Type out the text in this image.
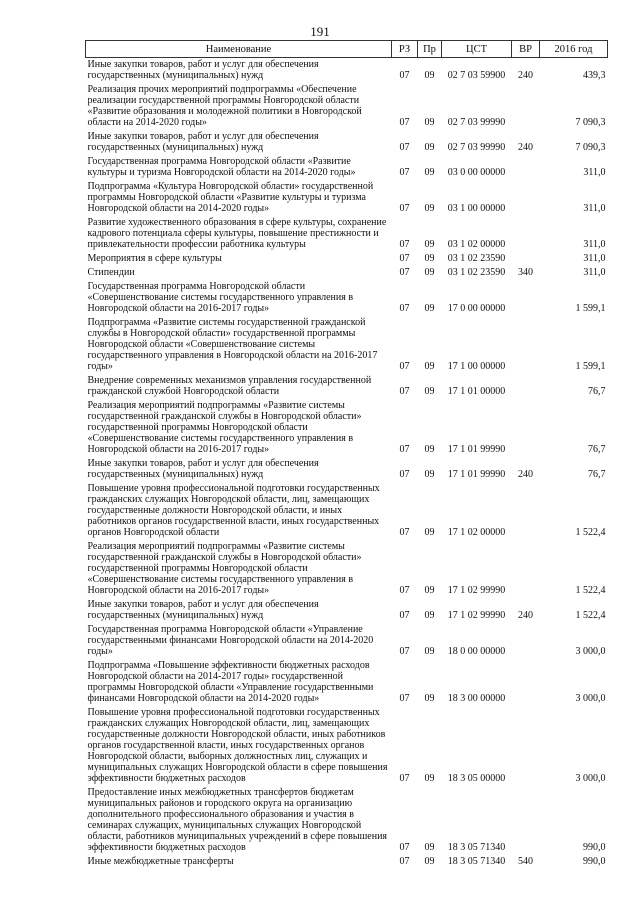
191
Наименование	РЗ	Пр	ЦСТ	ВР	2016 год
Иные закупки товаров, работ и услуг для обеспечения государственных (муниципальных) нужд	07	09	02 7 03 59900	240	439,3
Реализация прочих мероприятий подпрограммы «Обеспечение реализации государственной программы Новгородской области «Развитие образования и молодежной политики в Новгородской области на 2014-2020 годы»	07	09	02 7 03 99990		7 090,3
Иные закупки товаров, работ и услуг для обеспечения государственных (муниципальных) нужд	07	09	02 7 03 99990	240	7 090,3
Государственная программа Новгородской области «Развитие культуры и туризма Новгородской области на 2014-2020 годы»	07	09	03 0 00 00000		311,0
Подпрограмма «Культура Новгородской области» государственной программы Новгородской области «Развитие культуры и туризма Новгородской области на 2014-2020 годы»	07	09	03 1 00 00000		311,0
Развитие художественного образования в сфере культуры, сохранение кадрового потенциала сферы культуры, повышение престижности и привлекательности профессии работника культуры	07	09	03 1 02 00000		311,0
Мероприятия в сфере культуры	07	09	03 1 02 23590		311,0
Стипендии	07	09	03 1 02 23590	340	311,0
Государственная программа Новгородской области «Совершенствование системы государственного управления в Новгородской области на 2016-2017 годы»	07	09	17 0 00 00000		1 599,1
Подпрограмма «Развитие системы государственной гражданской службы в Новгородской области» государственной программы Новгородской области «Совершенствование системы государственного управления в Новгородской области на 2016-2017 годы»	07	09	17 1 00 00000		1 599,1
Внедрение современных механизмов управления государственной гражданской службой Новгородской области	07	09	17 1 01 00000		76,7
Реализация мероприятий подпрограммы «Развитие системы государственной гражданской службы в Новгородской области» государственной программы Новгородской области «Совершенствование системы государственного управления в Новгородской области на 2016-2017 годы»	07	09	17 1 01 99990		76,7
Иные закупки товаров, работ и услуг для обеспечения государственных (муниципальных) нужд	07	09	17 1 01 99990	240	76,7
Повышение уровня профессиональной подготовки государственных гражданских служащих Новгородской области, лиц, замещающих государственные должности Новгородской области, и иных работников органов государственной власти, иных государственных органов Новгородской области	07	09	17 1 02 00000		1 522,4
Реализация мероприятий подпрограммы «Развитие системы государственной гражданской службы в Новгородской области» государственной программы Новгородской области «Совершенствование системы государственного управления в Новгородской области на 2016-2017 годы»	07	09	17 1 02 99990		1 522,4
Иные закупки товаров, работ и услуг для обеспечения государственных (муниципальных) нужд	07	09	17 1 02 99990	240	1 522,4
Государственная программа Новгородской области «Управление государственными финансами Новгородской области на 2014-2020 годы»	07	09	18 0 00 00000		3 000,0
Подпрограмма «Повышение эффективности бюджетных расходов Новгородской области на 2014-2017 годы» государственной программы Новгородской области «Управление государственными финансами Новгородской области на 2014-2020 годы»	07	09	18 3 00 00000		3 000,0
Повышение уровня профессиональной подготовки государственных гражданских служащих Новгородской области, лиц, замещающих государственные должности Новгородской области, иных работников органов государственной власти, иных государственных органов Новгородской области, выборных должностных лиц, служащих и муниципальных служащих Новгородской области в сфере повышения эффективности бюджетных расходов	07	09	18 3 05 00000		3 000,0
Предоставление иных межбюджетных трансфертов бюджетам муниципальных районов и городского округа на организацию дополнительного профессионального образования и участия в семинарах служащих, муниципальных служащих Новгородской области, работников муниципальных учреждений в сфере повышения эффективности бюджетных расходов	07	09	18 3 05 71340		990,0
Иные межбюджетные трансферты	07	09	18 3 05 71340	540	990,0
